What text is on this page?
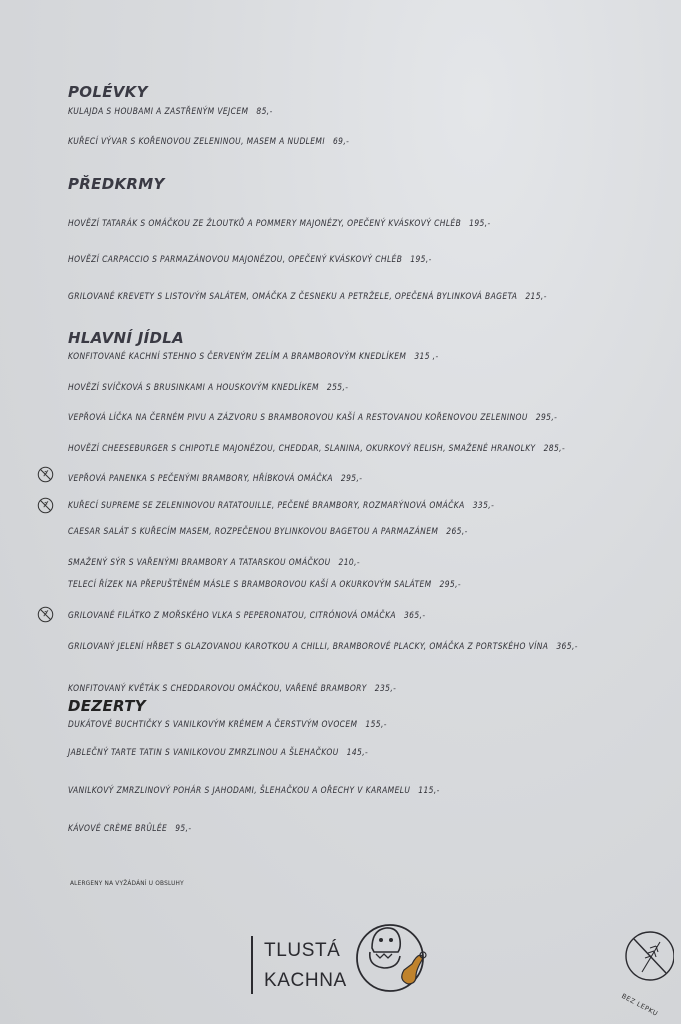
POLÉVKY
KULAJDA S HOUBAMI A ZASTŘENÝM VEJCEM 85,-
KUŘECÍ VÝVAR S KOŘENOVOU ZELENINOU, MASEM A NUDLEMI 69,-
PŘEDKRMY
HOVĚZÍ TATARÁK S OMÁČKOU ZE ŽLOUTKŮ A POMMERY MAJONÉZY, OPEČENÝ KVÁSKOVÝ CHLÉB 195,-
HOVĚZÍ CARPACCIO S PARMAZÁNOVOU MAJONÉZOU, OPEČENÝ KVÁSKOVÝ CHLÉB 195,-
GRILOVANÉ KREVETY S LISTOVÝM SALÁTEM, OMÁČKA Z ČESNEKU A PETRŽELE, OPEČENÁ BYLINKOVÁ BAGETA 215,-
HLAVNÍ JÍDLA
KONFITOVANÉ KACHNÍ STEHNO S ČERVENÝM ZELÍM A BRAMBOROVÝM KNEDLÍKEM 315 ,-
HOVĚZÍ SVÍČKOVÁ S BRUSINKAMI A HOUSKOVÝM KNEDLÍKEM 255,-
VEPŘOVÁ LÍČKA NA ČERNÉM PIVU A ZÁZVORU S BRAMBOROVOU KAŠÍ A RESTOVANOU KOŘENOVOU ZELENINOU 295,-
HOVĚZÍ CHEESEBURGER S CHIPOTLE MAJONÉZOU, CHEDDAR, SLANINA, OKURKOVÝ RELISH, SMAŽENÉ HRANOLKY 285,-
VEPŘOVÁ PANENKA S PEČENÝMI BRAMBORY, HŘÍBKOVÁ OMÁČKA 295,-
KUŘECÍ SUPREME SE ZELENINOVOU RATATOUILLE, PEČENÉ BRAMBORY, ROZMARÝNOVÁ OMÁČKA 335,-
CAESAR SALÁT S KUŘECÍM MASEM, ROZPEČENOU BYLINKOVOU BAGETOU A PARMAZÁNEM 265,-
SMAŽENÝ SÝR S VAŘENÝMI BRAMBORY A TATARSKOU OMÁČKOU 210,-
TELECÍ ŘÍZEK NA PŘEPUŠTĚNÉM MÁSLE S BRAMBOROVOU KAŠÍ A OKURKOVÝM SALÁTEM 295,-
GRILOVANÉ FILÁTKO Z MOŘSKÉHO VLKA S PEPERONATOU, CITRÓNOVÁ OMÁČKA 365,-
GRILOVANÝ JELENÍ HŘBET S GLAZOVANOU KAROTKOU A CHILLI, BRAMBOROVÉ PLACKY, OMÁČKA Z PORTSKÉHO VÍNA 365,-
KONFITOVANÝ KVĚTÁK S CHEDDAROVOU OMÁČKOU, VAŘENÉ BRAMBORY 235,-
DEZERTY
DUKÁTOVÉ BUCHTIČKY S VANILKOVÝM KRÉMEM A ČERSTVÝM OVOCEM 155,-
JABLEČNÝ TARTE TATIN S VANILKOVOU ZMRZLINOU A ŠLEHAČKOU 145,-
VANILKOVÝ ZMRZLINOVÝ POHÁR S JAHODAMI, ŠLEHAČKOU A OŘECHY V KARAMELU 115,-
KÁVOVÉ CRÈME BRÛLÉE 95,-
ALERGENY NA VYŽÁDÁNÍ U OBSLUHY
TLUSTÁ
KACHNA
BEZ LEPKU
